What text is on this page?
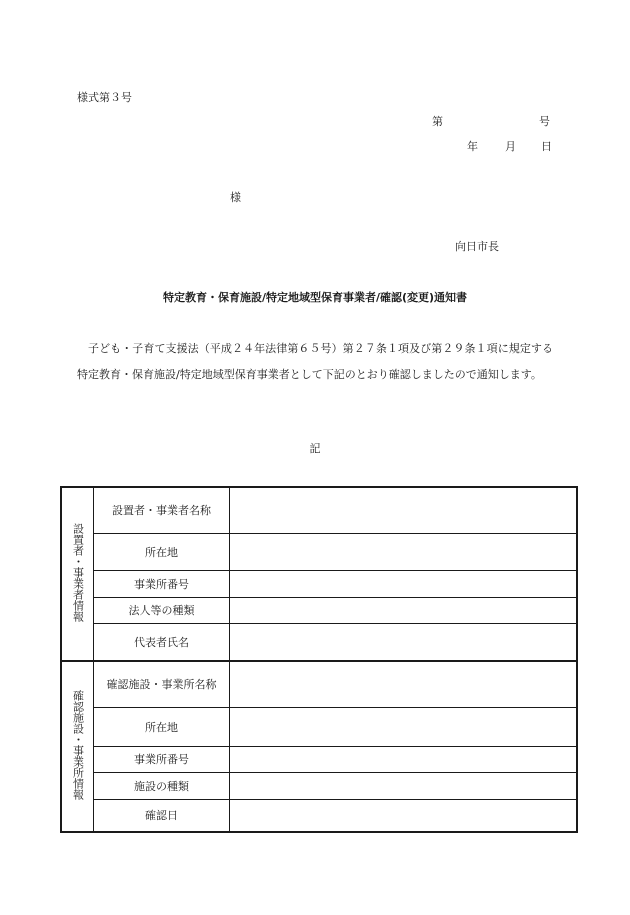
様式第３号
第	号
年 月 日
様
向日市長
特定教育・保育施設/特定地域型保育事業者/確認(変更)通知書
子ども・子育て支援法（平成２４年法律第６５号）第２７条１項及び第２９条１項に規定する特定教育・保育施設/特定地域型保育事業者として下記のとおり確認しましたので通知します。
記
設置者・事業者情報	設置者・事業者名称	
	所在地	
	事業所番号	
	法人等の種類	
	代表者氏名	
確認施設・事業所情報	確認施設・事業所名称	
	所在地	
	事業所番号	
	施設の種類	
	確認日	
